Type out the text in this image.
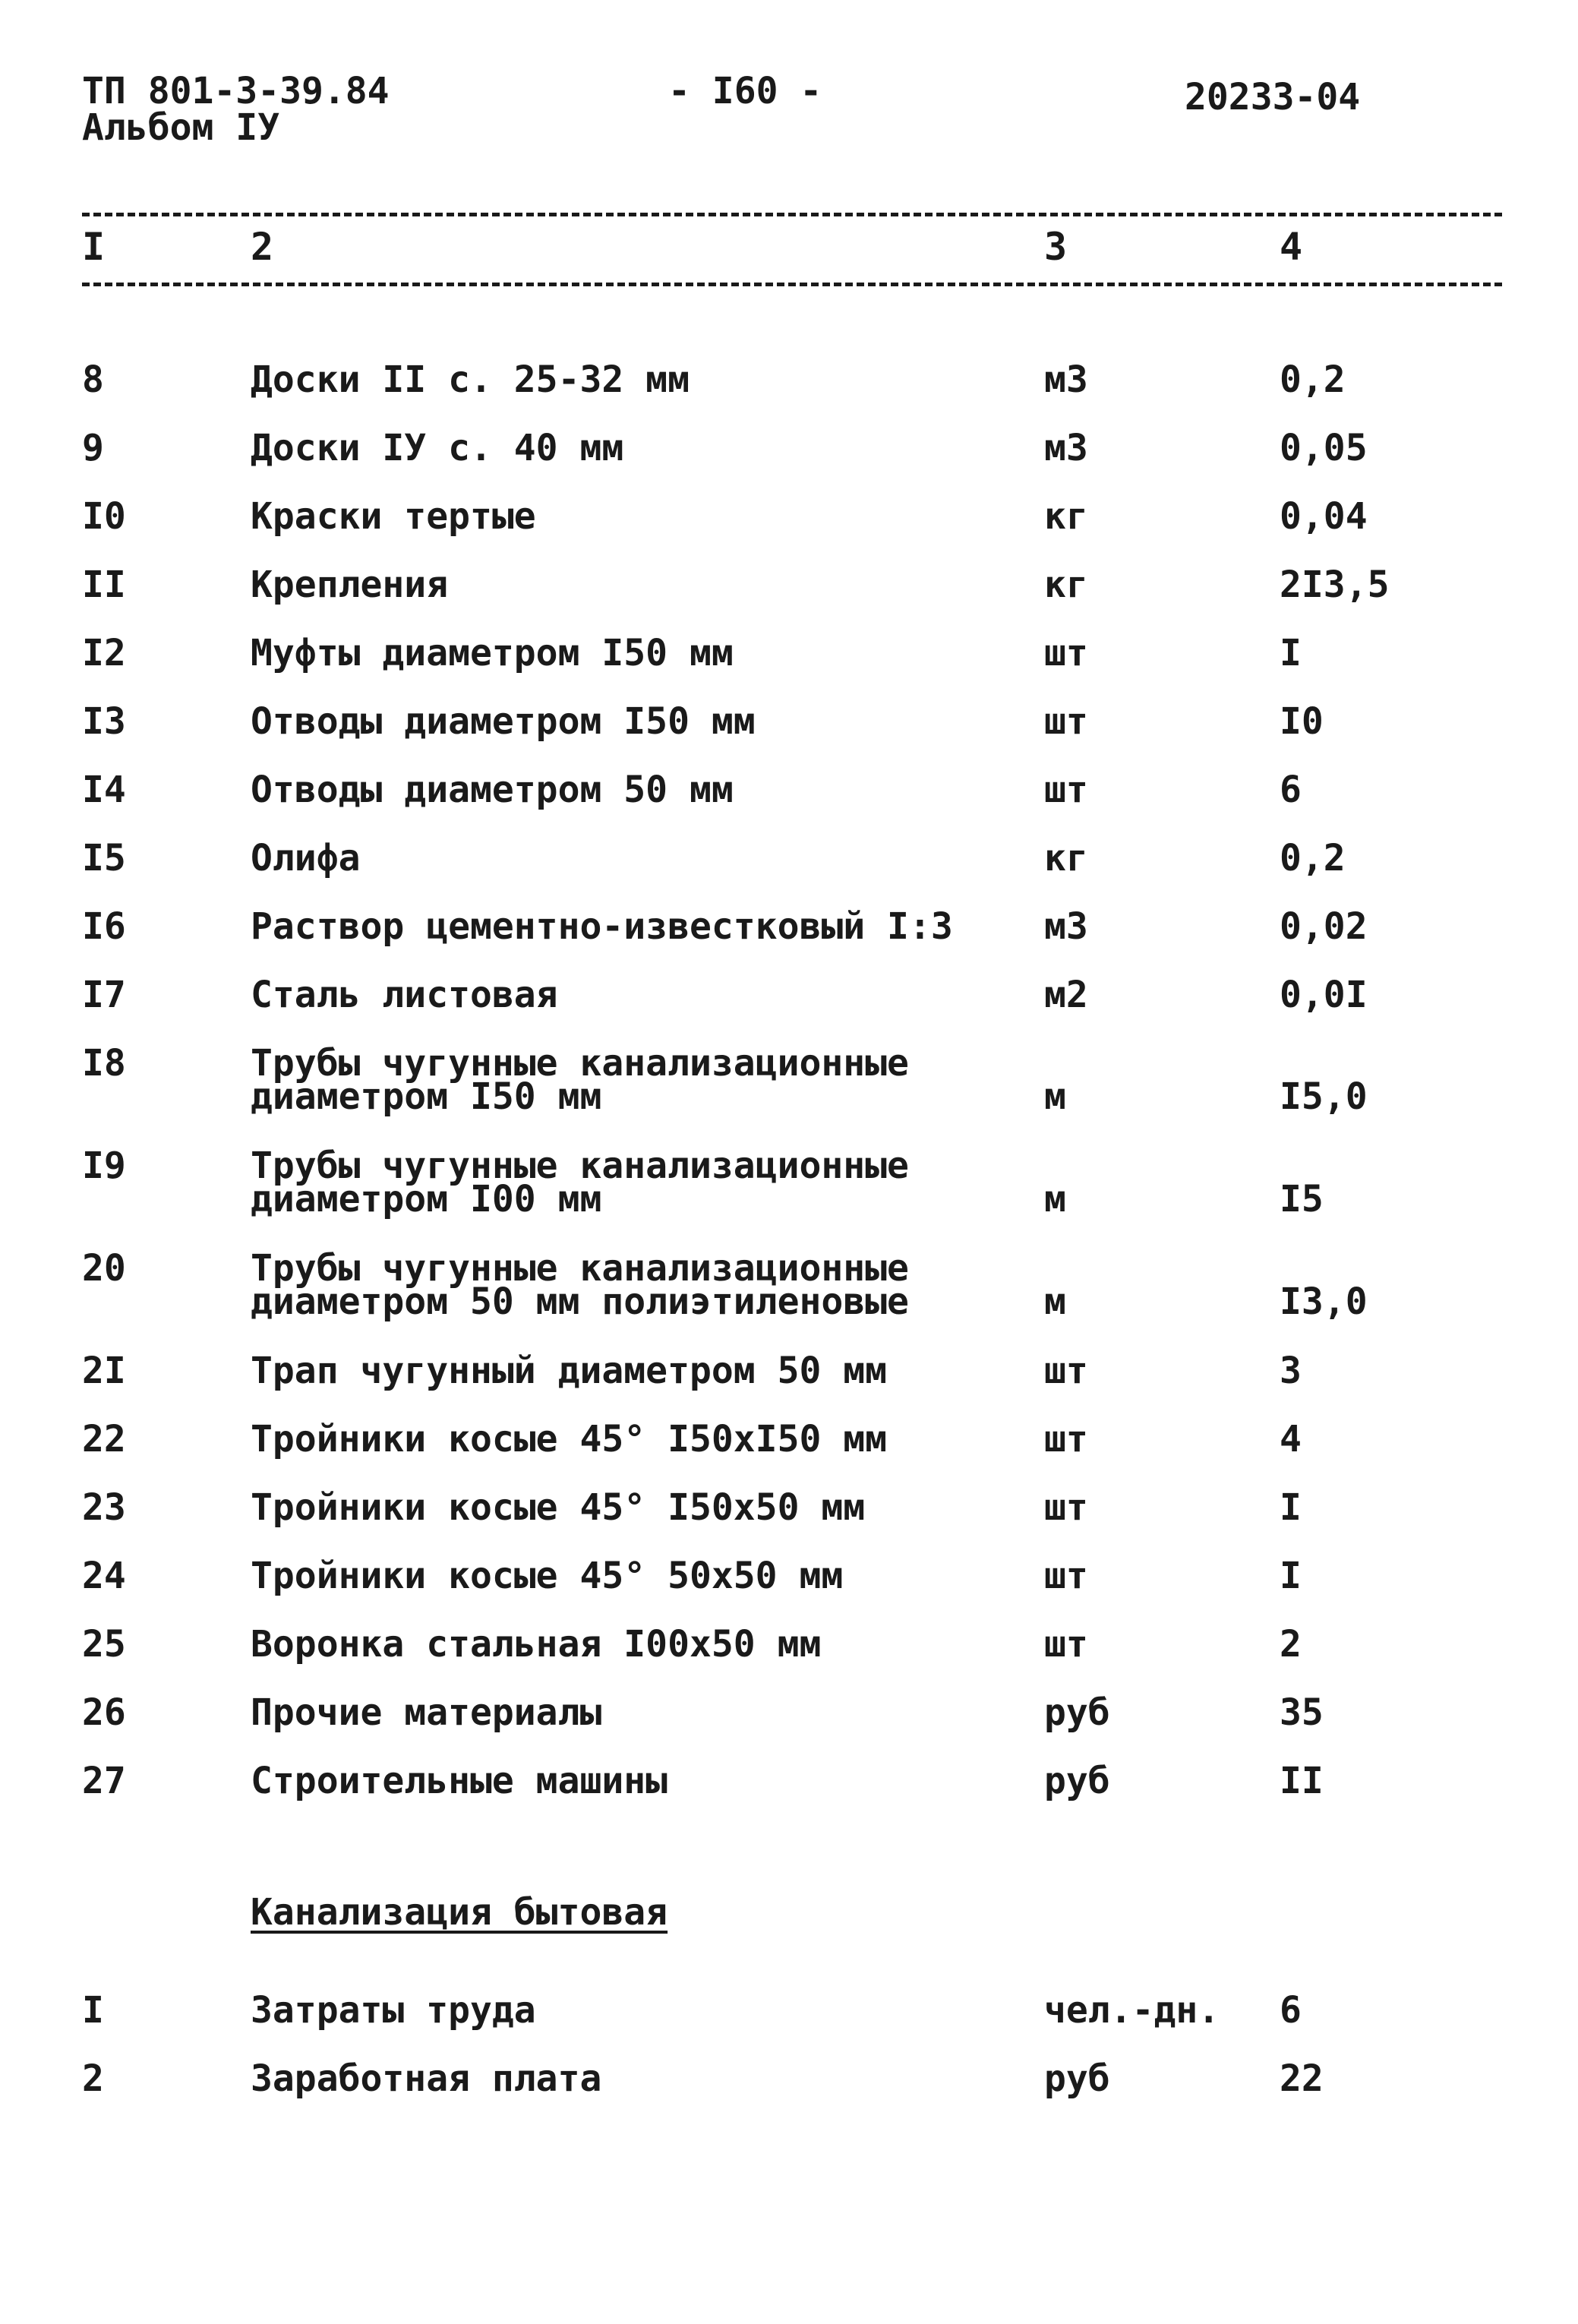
ТП 801-3-39.84
Альбом IУ
- I60 -	20233-04
I	2	3	4
8	Доски II с. 25-32 мм	м3	0,2
9	Доски IУ с. 40 мм	м3	0,05
I0	Краски тертые	кг	0,04
II	Крепления	кг	2I3,5
I2	Муфты диаметром I50 мм	шт	I
I3	Отводы диаметром I50 мм	шт	I0
I4	Отводы диаметром 50 мм	шт	6
I5	Олифа	кг	0,2
I6	Раствор цементно-известковый I:3	м3	0,02
I7	Сталь листовая	м2	0,0I
I8	Трубы чугунные канализационные
диаметром I50 мм	м	I5,0
I9	Трубы чугунные канализационные
диаметром I00 мм	м	I5
20	Трубы чугунные канализационные
диаметром 50 мм полиэтиленовые	м	I3,0
2I	Трап чугунный диаметром 50 мм	шт	3
22	Тройники косые 45° I50хI50 мм	шт	4
23	Тройники косые 45° I50х50 мм	шт	I
24	Тройники косые 45° 50х50 мм	шт	I
25	Воронка стальная I00х50 мм	шт	2
26	Прочие материалы	руб	35
27	Строительные машины	руб	II
Канализация бытовая
I	Затраты труда	чел.-дн. 6
2	Заработная плата	руб	22
